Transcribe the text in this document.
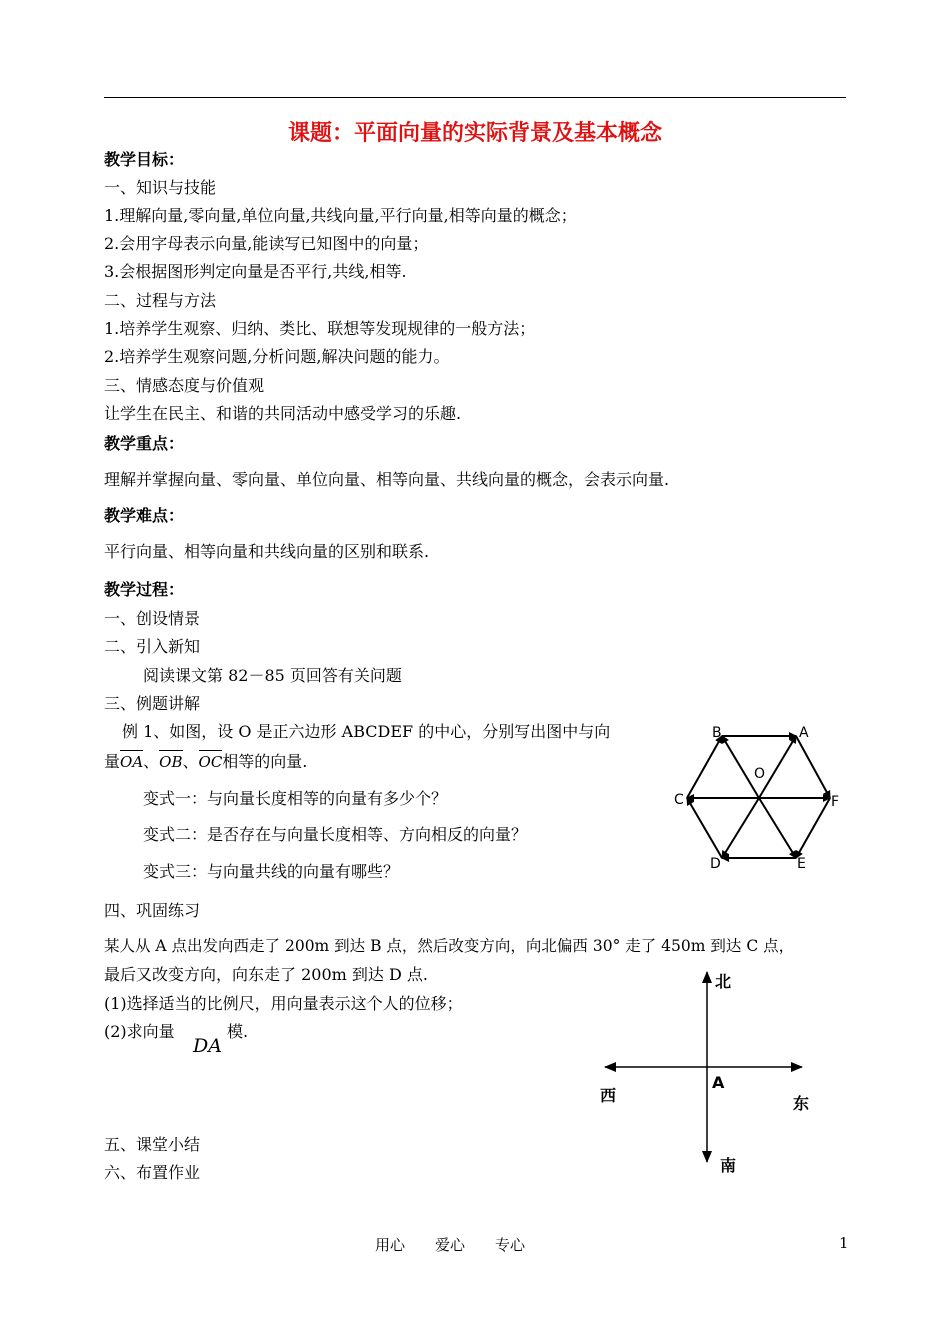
课题：平面向量的实际背景及基本概念
教学目标：
一、知识与技能
1.理解向量,零向量,单位向量,共线向量,平行向量,相等向量的概念；
2.会用字母表示向量,能读写已知图中的向量；
3.会根据图形判定向量是否平行,共线,相等.
二、过程与方法
1.培养学生观察、归纳、类比、联想等发现规律的一般方法；
2.培养学生观察问题,分析问题,解决问题的能力。
三、情感态度与价值观
让学生在民主、和谐的共同活动中感受学习的乐趣.
教学重点：
理解并掌握向量、零向量、单位向量、相等向量、共线向量的概念，会表示向量.
教学难点：
平行向量、相等向量和共线向量的区别和联系.
教学过程：
一、创设情景
二、引入新知
阅读课文第 82－85 页回答有关问题
三、例题讲解
例 1、如图，设 O 是正六边形 ABCDEF 的中心，分别写出图中与向
量OA、OB、OC相等的向量.
变式一：与向量长度相等的向量有多少个？
变式二：是否存在与向量长度相等、方向相反的向量？
变式三：与向量共线的向量有哪些？
A
B
C
D	E
F
O
四、巩固练习
某人从 A 点出发向西走了 200m 到达 B 点，然后改变方向，向北偏西 30° 走了 450m 到达 C 点，
最后又改变方向，向东走了 200m 到达 D 点.
(1)选择适当的比例尺，用向量表示这个人的位移；
(2)求向量
DA
模.
北
南
西	东
A
五、课堂小结
六、布置作业
用心　　爱心　　专心	1
